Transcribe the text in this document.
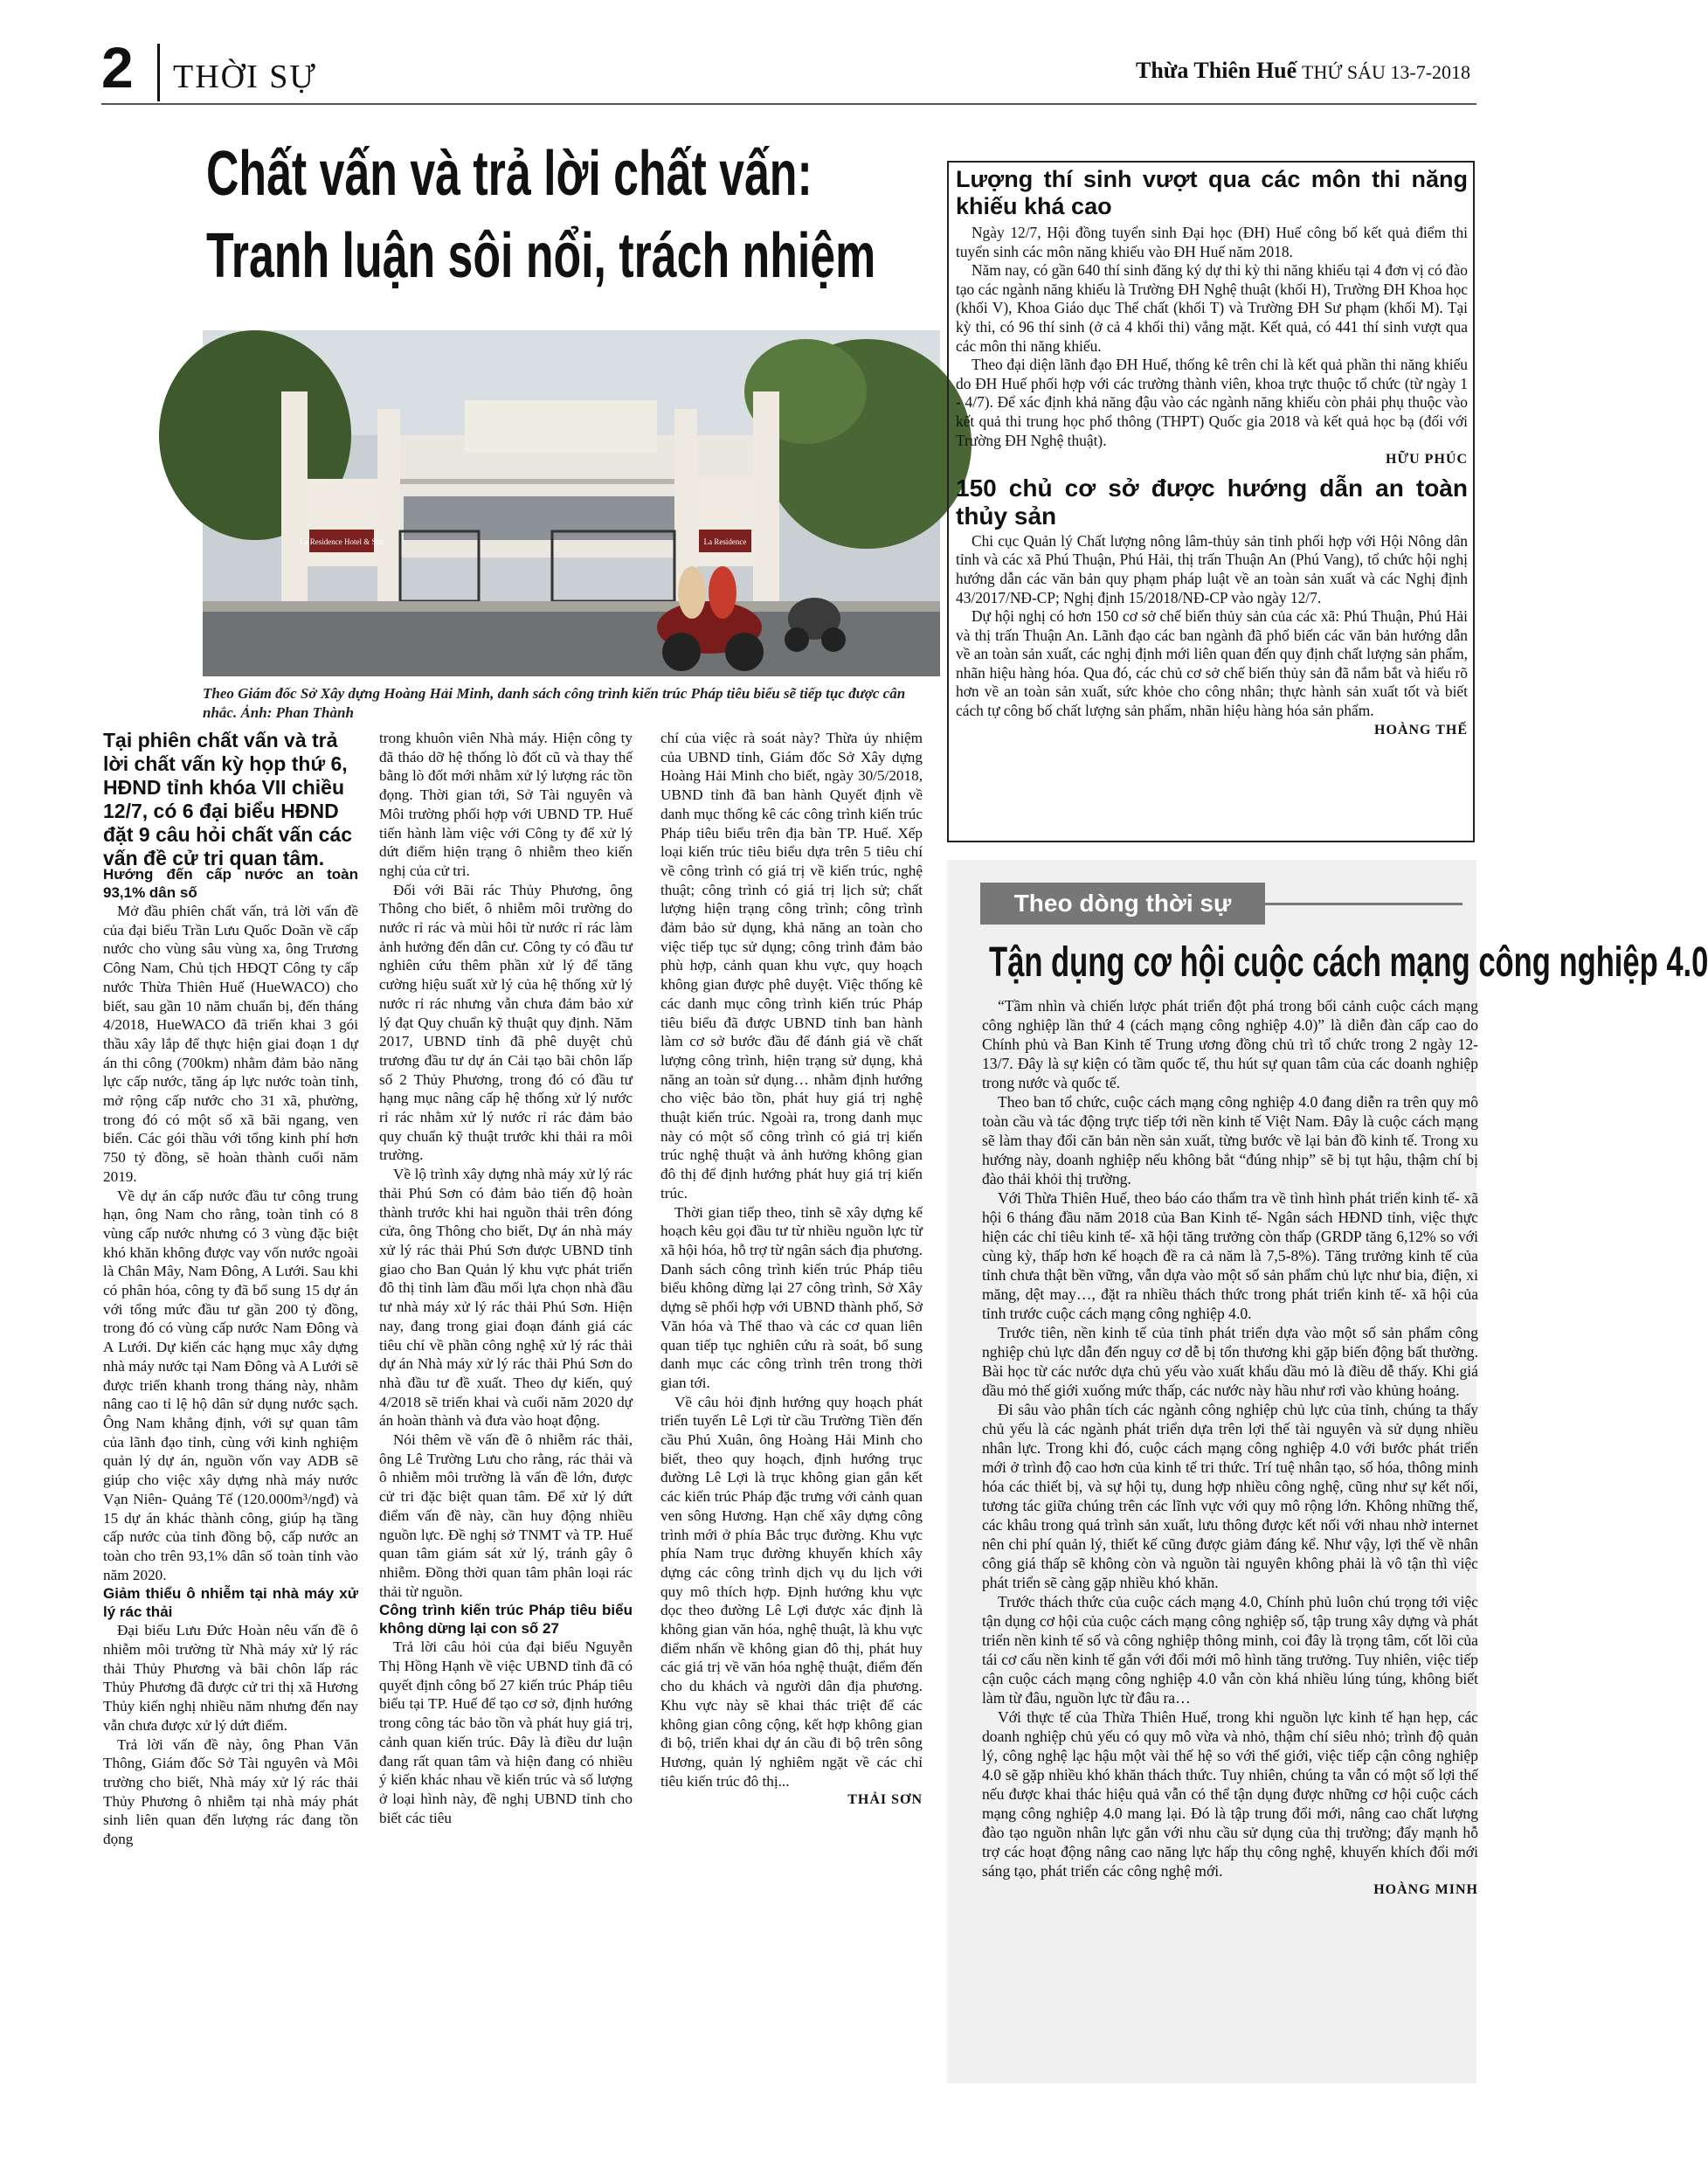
2 THỜI SỰ	Thừa Thiên Huế THỨ SÁU 13-7-2018
Chất vấn và trả lời chất vấn:
Tranh luận sôi nổi, trách nhiệm
La Residence Hotel & Spa	La Residence
Theo Giám đốc Sở Xây dựng Hoàng Hải Minh, danh sách công trình kiến trúc Pháp tiêu biểu sẽ tiếp tục được cân nhắc. Ảnh: Phan Thành
Tại phiên chất vấn và trả lời chất vấn kỳ họp thứ 6, HĐND tỉnh khóa VII chiều 12/7, có 6 đại biểu HĐND đặt 9 câu hỏi chất vấn các vấn đề cử tri quan tâm.

Hướng đến cấp nước an toàn 93,1% dân số

Mở đầu phiên chất vấn, trả lời vấn đề của đại biểu Trần Lưu Quốc Doãn về cấp nước cho vùng sâu vùng xa, ông Trương Công Nam, Chủ tịch HĐQT Công ty cấp nước Thừa Thiên Huế (HueWACO) cho biết, sau gần 10 năm chuẩn bị, đến tháng 4/2018, HueWACO đã triển khai 3 gói thầu xây lắp để thực hiện giai đoạn 1 dự án thi công (700km) nhằm đảm bảo năng lực cấp nước, tăng áp lực nước toàn tỉnh, mở rộng cấp nước cho 31 xã, phường, trong đó có một số xã bãi ngang, ven biển. Các gói thầu với tổng kinh phí hơn 750 tỷ đồng, sẽ hoàn thành cuối năm 2019.

Về dự án cấp nước đầu tư công trung hạn, ông Nam cho rằng, toàn tỉnh có 8 vùng cấp nước nhưng có 3 vùng đặc biệt khó khăn không được vay vốn nước ngoài là Chân Mây, Nam Đông, A Lưới. Sau khi có phân hóa, công ty đã bổ sung 15 dự án với tổng mức đầu tư gần 200 tỷ đồng, trong đó có vùng cấp nước Nam Đông và A Lưới. Dự kiến các hạng mục xây dựng nhà máy nước tại Nam Đông và A Lưới sẽ được triển khanh trong tháng này, nhằm nâng cao tỉ lệ hộ dân sử dụng nước sạch. Ông Nam khẳng định, với sự quan tâm của lãnh đạo tỉnh, cùng với kinh nghiệm quản lý dự án, nguồn vốn vay ADB sẽ giúp cho việc xây dựng nhà máy nước Vạn Niên- Quảng Tế (120.000m³/ngđ) và 15 dự án khác thành công, giúp hạ tầng cấp nước của tỉnh đồng bộ, cấp nước an toàn cho trên 93,1% dân số toàn tỉnh vào năm 2020.

Giảm thiểu ô nhiễm tại nhà máy xử lý rác thải

Đại biểu Lưu Đức Hoàn nêu vấn đề ô nhiễm môi trường từ Nhà máy xử lý rác thải Thủy Phương và bãi chôn lấp rác Thủy Phương đã được cử tri thị xã Hương Thủy kiến nghị nhiều năm nhưng đến nay vẫn chưa được xử lý dứt điểm.

Trả lời vấn đề này, ông Phan Văn Thông, Giám đốc Sở Tài nguyên và Môi trường cho biết, Nhà máy xử lý rác thải Thủy Phương ô nhiễm tại nhà máy phát sinh liên quan đến lượng rác đang tồn đọng

trong khuôn viên Nhà máy. Hiện công ty đã tháo dỡ hệ thống lò đốt cũ và thay thế bằng lò đốt mới nhằm xử lý lượng rác tồn đọng. Thời gian tới, Sở Tài nguyên và Môi trường phối hợp với UBND TP. Huế tiến hành làm việc với Công ty để xử lý dứt điểm hiện trạng ô nhiễm theo kiến nghị của cử tri.

Đối với Bãi rác Thủy Phương, ông Thông cho biết, ô nhiễm môi trường do nước rỉ rác và mùi hôi từ nước rỉ rác làm ảnh hưởng đến dân cư. Công ty có đầu tư nghiên cứu thêm phần xử lý để tăng cường hiệu suất xử lý của hệ thống xử lý nước rỉ rác nhưng vẫn chưa đảm bảo xử lý đạt Quy chuẩn kỹ thuật quy định. Năm 2017, UBND tỉnh đã phê duyệt chủ trương đầu tư dự án Cải tạo bãi chôn lấp số 2 Thủy Phương, trong đó có đầu tư hạng mục nâng cấp hệ thống xử lý nước rỉ rác nhằm xử lý nước rỉ rác đảm bảo quy chuẩn kỹ thuật trước khi thải ra môi trường.

Về lộ trình xây dựng nhà máy xử lý rác thải Phú Sơn có đảm bảo tiến độ hoàn thành trước khi hai nguồn thải trên đóng cửa, ông Thông cho biết, Dự án nhà máy xử lý rác thải Phú Sơn được UBND tỉnh giao cho Ban Quản lý khu vực phát triển đô thị tỉnh làm đầu mối lựa chọn nhà đầu tư nhà máy xử lý rác thải Phú Sơn. Hiện nay, đang trong giai đoạn đánh giá các tiêu chí về phần công nghệ xử lý rác thải dự án Nhà máy xử lý rác thải Phú Sơn do nhà đầu tư đề xuất. Theo dự kiến, quý 4/2018 sẽ triển khai và cuối năm 2020 dự án hoàn thành và đưa vào hoạt động.

Nói thêm về vấn đề ô nhiễm rác thải, ông Lê Trường Lưu cho rằng, rác thải và ô nhiễm môi trường là vấn đề lớn, được cử tri đặc biệt quan tâm. Để xử lý dứt điểm vấn đề này, cần huy động nhiều nguồn lực. Đề nghị sở TNMT và TP. Huế quan tâm giám sát xử lý, tránh gây ô nhiễm. Đồng thời quan tâm phân loại rác thải từ nguồn.

Công trình kiến trúc Pháp tiêu biểu không dừng lại con số 27

Trả lời câu hỏi của đại biểu Nguyễn Thị Hồng Hạnh về việc UBND tỉnh đã có quyết định công bố 27 kiến trúc Pháp tiêu biểu tại TP. Huế để tạo cơ sở, định hướng trong công tác bảo tồn và phát huy giá trị, cảnh quan kiến trúc. Đây là điều dư luận đang rất quan tâm và hiện đang có nhiều ý kiến khác nhau về kiến trúc và số lượng ở loại hình này, đề nghị UBND tỉnh cho biết các tiêu

chí của việc rà soát này? Thừa ủy nhiệm của UBND tỉnh, Giám đốc Sở Xây dựng Hoàng Hải Minh cho biết, ngày 30/5/2018, UBND tỉnh đã ban hành Quyết định về danh mục thống kê các công trình kiến trúc Pháp tiêu biểu trên địa bàn TP. Huế. Xếp loại kiến trúc tiêu biểu dựa trên 5 tiêu chí về công trình có giá trị về kiến trúc, nghệ thuật; công trình có giá trị lịch sử; chất lượng hiện trạng công trình; công trình đảm bảo sử dụng, khả năng an toàn cho việc tiếp tục sử dụng; công trình đảm bảo phù hợp, cảnh quan khu vực, quy hoạch không gian được phê duyệt. Việc thống kê các danh mục công trình kiến trúc Pháp tiêu biểu đã được UBND tỉnh ban hành làm cơ sở bước đầu để đánh giá về chất lượng công trình, hiện trạng sử dụng, khả năng an toàn sử dụng… nhằm định hướng cho việc bảo tồn, phát huy giá trị nghệ thuật kiến trúc. Ngoài ra, trong danh mục này có một số công trình có giá trị kiến trúc nghệ thuật và ảnh hưởng không gian đô thị để định hướng phát huy giá trị kiến trúc.

Thời gian tiếp theo, tỉnh sẽ xây dựng kế hoạch kêu gọi đầu tư từ nhiều nguồn lực từ xã hội hóa, hỗ trợ từ ngân sách địa phương. Danh sách công trình kiến trúc Pháp tiêu biểu không dừng lại 27 công trình, Sở Xây dựng sẽ phối hợp với UBND thành phố, Sở Văn hóa và Thể thao và các cơ quan liên quan tiếp tục nghiên cứu rà soát, bổ sung danh mục các công trình trên trong thời gian tới.

Về câu hỏi định hướng quy hoạch phát triển tuyến Lê Lợi từ cầu Trường Tiền đến cầu Phú Xuân, ông Hoàng Hải Minh cho biết, theo quy hoạch, định hướng trục đường Lê Lợi là trục không gian gắn kết các kiến trúc Pháp đặc trưng với cảnh quan ven sông Hương. Hạn chế xây dựng công trình mới ở phía Bắc trục đường. Khu vực phía Nam trục đường khuyến khích xây dựng các công trình dịch vụ du lịch với quy mô thích hợp. Định hướng khu vực dọc theo đường Lê Lợi được xác định là không gian văn hóa, nghệ thuật, là khu vực điểm nhấn về không gian đô thị, phát huy các giá trị về văn hóa nghệ thuật, điểm đến cho du khách và người dân địa phương. Khu vực này sẽ khai thác triệt để các không gian công cộng, kết hợp không gian đi bộ, triển khai dự án cầu đi bộ trên sông Hương, quản lý nghiêm ngặt về các chỉ tiêu kiến trúc đô thị...

THẢI SƠN

Lượng thí sinh vượt qua các môn thi năng khiếu khá cao

Ngày 12/7, Hội đồng tuyển sinh Đại học (ĐH) Huế công bố kết quả điểm thi tuyển sinh các môn năng khiếu vào ĐH Huế năm 2018.

Năm nay, có gần 640 thí sinh đăng ký dự thi kỳ thi năng khiếu tại 4 đơn vị có đào tạo các ngành năng khiếu là Trường ĐH Nghệ thuật (khối H), Trường ĐH Khoa học (khối V), Khoa Giáo dục Thể chất (khối T) và Trường ĐH Sư phạm (khối M). Tại kỳ thi, có 96 thí sinh (ở cả 4 khối thi) vắng mặt. Kết quả, có 441 thí sinh vượt qua các môn thi năng khiếu.

Theo đại diện lãnh đạo ĐH Huế, thống kê trên chỉ là kết quả phần thi năng khiếu do ĐH Huế phối hợp với các trường thành viên, khoa trực thuộc tổ chức (từ ngày 1 - 4/7). Để xác định khả năng đậu vào các ngành năng khiếu còn phải phụ thuộc vào kết quả thi trung học phổ thông (THPT) Quốc gia 2018 và kết quả học bạ (đối với Trường ĐH Nghệ thuật).

HỮU PHÚC

150 chủ cơ sở được hướng dẫn an toàn thủy sản

Chi cục Quản lý Chất lượng nông lâm-thủy sản tỉnh phối hợp với Hội Nông dân tỉnh và các xã Phú Thuận, Phú Hải, thị trấn Thuận An (Phú Vang), tổ chức hội nghị hướng dẫn các văn bản quy phạm pháp luật về an toàn sản xuất và các Nghị định 43/2017/NĐ-CP; Nghị định 15/2018/NĐ-CP vào ngày 12/7.

Dự hội nghị có hơn 150 cơ sở chế biến thủy sản của các xã: Phú Thuận, Phú Hải và thị trấn Thuận An. Lãnh đạo các ban ngành đã phổ biến các văn bản hướng dẫn về an toàn sản xuất, các nghị định mới liên quan đến quy định chất lượng sản phẩm, nhãn hiệu hàng hóa. Qua đó, các chủ cơ sở chế biến thủy sản đã nắm bắt và hiểu rõ hơn về an toàn sản xuất, sức khỏe cho công nhân; thực hành sản xuất tốt và biết cách tự công bố chất lượng sản phẩm, nhãn hiệu hàng hóa sản phẩm.

HOÀNG THẾ

Theo dòng thời sự
Tận dụng cơ hội cuộc cách mạng công nghiệp 4.0

“Tầm nhìn và chiến lược phát triển đột phá trong bối cảnh cuộc cách mạng công nghiệp lần thứ 4 (cách mạng công nghiệp 4.0)” là diễn đàn cấp cao do Chính phủ và Ban Kinh tế Trung ương đồng chủ trì tổ chức trong 2 ngày 12-13/7. Đây là sự kiện có tầm quốc tế, thu hút sự quan tâm của các doanh nghiệp trong nước và quốc tế.

Theo ban tổ chức, cuộc cách mạng công nghiệp 4.0 đang diễn ra trên quy mô toàn cầu và tác động trực tiếp tới nền kinh tế Việt Nam. Đây là cuộc cách mạng sẽ làm thay đổi căn bản nền sản xuất, từng bước về lại bản đồ kinh tế. Trong xu hướng này, doanh nghiệp nếu không bắt “đúng nhịp” sẽ bị tụt hậu, thậm chí bị đào thải khỏi thị trường.

Với Thừa Thiên Huế, theo báo cáo thẩm tra về tình hình phát triển kinh tế- xã hội 6 tháng đầu năm 2018 của Ban Kinh tế- Ngân sách HĐND tỉnh, việc thực hiện các chỉ tiêu kinh tế- xã hội tăng trưởng còn thấp (GRDP tăng 6,12% so với cùng kỳ, thấp hơn kế hoạch đề ra cả năm là 7,5-8%). Tăng trưởng kinh tế của tỉnh chưa thật bền vững, vẫn dựa vào một số sản phẩm chủ lực như bia, điện, xi măng, dệt may…, đặt ra nhiều thách thức trong phát triển kinh tế- xã hội của tỉnh trước cuộc cách mạng công nghiệp 4.0.

Trước tiên, nền kinh tế của tỉnh phát triển dựa vào một số sản phẩm công nghiệp chủ lực dẫn đến nguy cơ dễ bị tổn thương khi gặp biến động bất thường. Bài học từ các nước dựa chủ yếu vào xuất khẩu dầu mỏ là điều dễ thấy. Khi giá dầu mỏ thế giới xuống mức thấp, các nước này hầu như rơi vào khủng hoảng.

Đi sâu vào phân tích các ngành công nghiệp chủ lực của tỉnh, chúng ta thấy chủ yếu là các ngành phát triển dựa trên lợi thế tài nguyên và sử dụng nhiều nhân lực. Trong khi đó, cuộc cách mạng công nghiệp 4.0 với bước phát triển mới ở trình độ cao hơn của kinh tế tri thức. Trí tuệ nhân tạo, số hóa, thông minh hóa các thiết bị, và sự hội tụ, dung hợp nhiều công nghệ, cũng như sự kết nối, tương tác giữa chúng trên các lĩnh vực với quy mô rộng lớn. Không những thế, các khâu trong quá trình sản xuất, lưu thông được kết nối với nhau nhờ internet nên chi phí quản lý, thiết kế cũng được giảm đáng kể. Như vậy, lợi thế về nhân công giá thấp sẽ không còn và nguồn tài nguyên không phải là vô tận thì việc phát triển sẽ càng gặp nhiều khó khăn.

Trước thách thức của cuộc cách mạng 4.0, Chính phủ luôn chú trọng tới việc tận dụng cơ hội của cuộc cách mạng công nghiệp số, tập trung xây dựng và phát triển nền kinh tế số và công nghiệp thông minh, coi đây là trọng tâm, cốt lõi của tái cơ cấu nền kinh tế gắn với đổi mới mô hình tăng trưởng. Tuy nhiên, việc tiếp cận cuộc cách mạng công nghiệp 4.0 vẫn còn khá nhiều lúng túng, không biết làm từ đâu, nguồn lực từ đâu ra…

Với thực tế của Thừa Thiên Huế, trong khi nguồn lực kinh tế hạn hẹp, các doanh nghiệp chủ yếu có quy mô vừa và nhỏ, thậm chí siêu nhỏ; trình độ quản lý, công nghệ lạc hậu một vài thế hệ so với thế giới, việc tiếp cận công nghiệp 4.0 sẽ gặp nhiều khó khăn thách thức. Tuy nhiên, chúng ta vẫn có một số lợi thế nếu được khai thác hiệu quả vẫn có thể tận dụng được những cơ hội cuộc cách mạng công nghiệp 4.0 mang lại. Đó là tập trung đổi mới, nâng cao chất lượng đào tạo nguồn nhân lực gắn với nhu cầu sử dụng của thị trường; đẩy mạnh hỗ trợ các hoạt động nâng cao năng lực hấp thụ công nghệ, khuyến khích đổi mới sáng tạo, phát triển các công nghệ mới.

HOÀNG MINH
